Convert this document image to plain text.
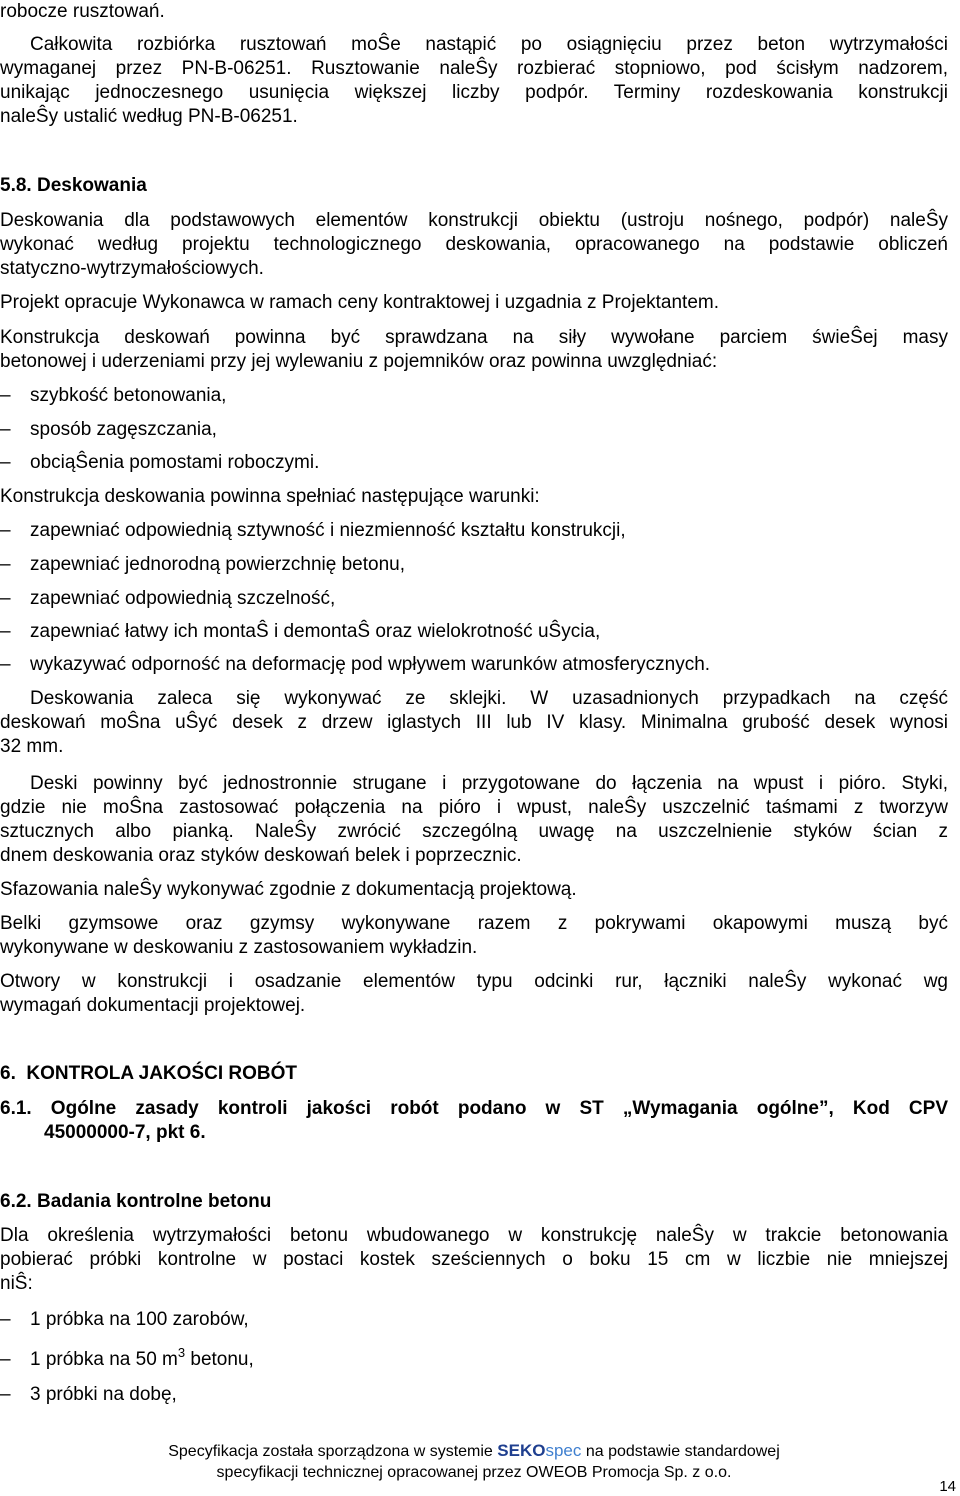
robocze rusztowań.
Całkowita rozbiórka rusztowań moŜe nastąpić po osiągnięciu przez beton wytrzymałości
wymaganej przez PN-B-06251. Rusztowanie naleŜy rozbierać stopniowo, pod ścisłym nadzorem,
unikając jednoczesnego usunięcia większej liczby podpór. Terminy rozdeskowania konstrukcji
naleŜy ustalić według PN-B-06251.
5.8. Deskowania
Deskowania dla podstawowych elementów konstrukcji obiektu (ustroju nośnego, podpór) naleŜy
wykonać według projektu technologicznego deskowania, opracowanego na podstawie obliczeń
statyczno-wytrzymałościowych.
Projekt opracuje Wykonawca w ramach ceny kontraktowej i uzgadnia z Projektantem.
Konstrukcja deskowań powinna być sprawdzana na siły wywołane parciem świeŜej masy
betonowej i uderzeniami przy jej wylewaniu z pojemników oraz powinna uwzględniać:
– szybkość betonowania,
– sposób zagęszczania,
– obciąŜenia pomostami roboczymi.
Konstrukcja deskowania powinna spełniać następujące warunki:
– zapewniać odpowiednią sztywność i niezmienność kształtu konstrukcji,
– zapewniać jednorodną powierzchnię betonu,
– zapewniać odpowiednią szczelność,
– zapewniać łatwy ich montaŜ i demontaŜ oraz wielokrotność uŜycia,
– wykazywać odporność na deformację pod wpływem warunków atmosferycznych.
Deskowania zaleca się wykonywać ze sklejki. W uzasadnionych przypadkach na część
deskowań moŜna uŜyć desek z drzew iglastych III lub IV klasy. Minimalna grubość desek wynosi
32 mm.
Deski powinny być jednostronnie strugane i przygotowane do łączenia na wpust i pióro. Styki,
gdzie nie moŜna zastosować połączenia na pióro i wpust, naleŜy uszczelnić taśmami z tworzyw
sztucznych albo pianką. NaleŜy zwrócić szczególną uwagę na uszczelnienie styków ścian z
dnem deskowania oraz styków deskowań belek i poprzecznic.
Sfazowania naleŜy wykonywać zgodnie z dokumentacją projektową.
Belki gzymsowe oraz gzymsy wykonywane razem z pokrywami okapowymi muszą być
wykonywane w deskowaniu z zastosowaniem wykładzin.
Otwory w konstrukcji i osadzanie elementów typu odcinki rur, łączniki naleŜy wykonać wg
wymagań dokumentacji projektowej.
6.  KONTROLA JAKOŚCI ROBÓT
6.1. Ogólne zasady kontroli jakości robót podano w ST „Wymagania ogólne”, Kod CPV
45000000-7, pkt 6.
6.2. Badania kontrolne betonu
Dla określenia wytrzymałości betonu wbudowanego w konstrukcję naleŜy w trakcie betonowania
pobierać próbki kontrolne w postaci kostek sześciennych o boku 15 cm w liczbie nie mniejszej
niŜ:
– 1 próbka na 100 zarobów,
– 1 próbka na 50 $m^3$ betonu,
– 3 próbki na dobę,
Specyfikacja została sporządzona w systemie SEKOspec na podstawie standardowej
specyfikacji technicznej opracowanej przez OWEOB Promocja Sp. z o.o.
14
